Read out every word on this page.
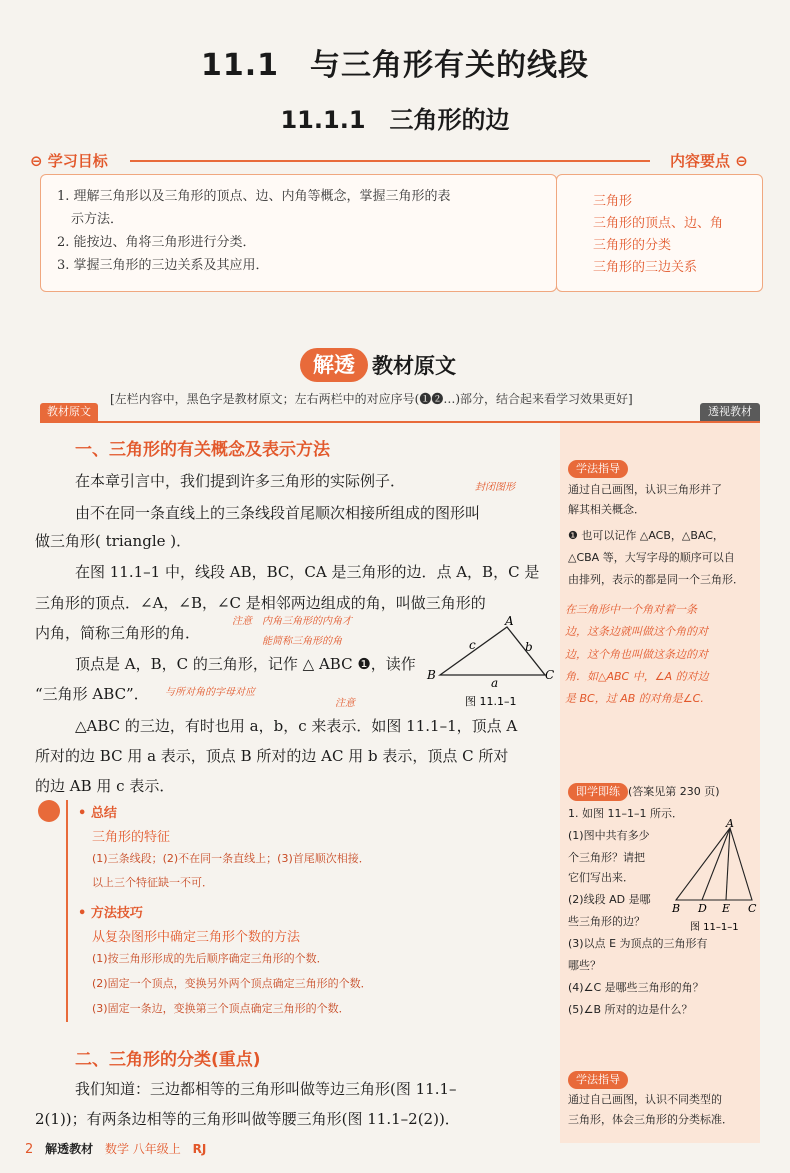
11.1　与三角形有关的线段
11.1.1　三角形的边
⊖ 学习目标	内容要点 ⊖
1. 理解三角形以及三角形的顶点、边、内角等概念，掌握三角形的表
示方法．
2. 能按边、角将三角形进行分类．
3. 掌握三角形的三边关系及其应用．
三角形
三角形的顶点、边、角
三角形的分类
三角形的三边关系
解透 教材原文
[左栏内容中，黑色字是教材原文；左右两栏中的对应序号(❶❷…)部分，结合起来看学习效果更好]
教材原文	透视教材
一、三角形的有关概念及表示方法
在本章引言中，我们提到许多三角形的实际例子．
由不在同一条直线上的三条线段首尾顺次相接所组成的图形叫
做三角形( triangle )．
在图 11.1–1 中，线段 AB，BC，CA 是三角形的边．点 A，B，C 是
三角形的顶点．∠A，∠B，∠C 是相邻两边组成的角，叫做三角形的
内角，简称三角形的角．
顶点是 A，B，C 的三角形，记作 △ ABC ❶，读作
“三角形 ABC”．
△ABC 的三边，有时也用 a，b，c 来表示．如图 11.1–1，顶点 A
所对的边 BC 用 a 表示，顶点 B 所对的边 AC 用 b 表示，顶点 C 所对
的边 AB 用 c 表示．
封闭图形
注意 内角三角形的内角才
能简称三角形的角
与所对角的字母对应
注意
A
B	C
c	b
a
图 11.1–1
• 总结
三角形的特征
(1)三条线段；(2)不在同一条直线上；(3)首尾顺次相接．
以上三个特征缺一不可．
• 方法技巧
从复杂图形中确定三角形个数的方法
(1)按三角形形成的先后顺序确定三角形的个数．
(2)固定一个顶点，变换另外两个顶点确定三角形的个数．
(3)固定一条边，变换第三个顶点确定三角形的个数．
二、三角形的分类(重点)
我们知道：三边都相等的三角形叫做等边三角形(图 11.1–
2(1))；有两条边相等的三角形叫做等腰三角形(图 11.1–2(2))．
学法指导
通过自己画图，认识三角形并了
解其相关概念．
❶ 也可以记作 △ACB，△BAC，
△CBA 等，大写字母的顺序可以自
由排列，表示的都是同一个三角形．
在三角形中一个角对着一条
边，这条边就叫做这个角的对
边，这个角也叫做这条边的对
角．如△ABC 中，∠A 的对边
是 BC，过 AB 的对角是∠C.
即学即练 (答案见第 230 页)
1. 如图 11–1–1 所示．
(1)图中共有多少
个三角形？请把
它们写出来．
(2)线段 AD 是哪
些三角形的边？
(3)以点 E 为顶点的三角形有
哪些？
(4)∠C 是哪些三角形的角？
(5)∠B 所对的边是什么？
A
B D E C
图 11–1–1
学法指导
通过自己画图，认识不同类型的
三角形，体会三角形的分类标准．
2 解透教材 数学 八年级上 RJ
